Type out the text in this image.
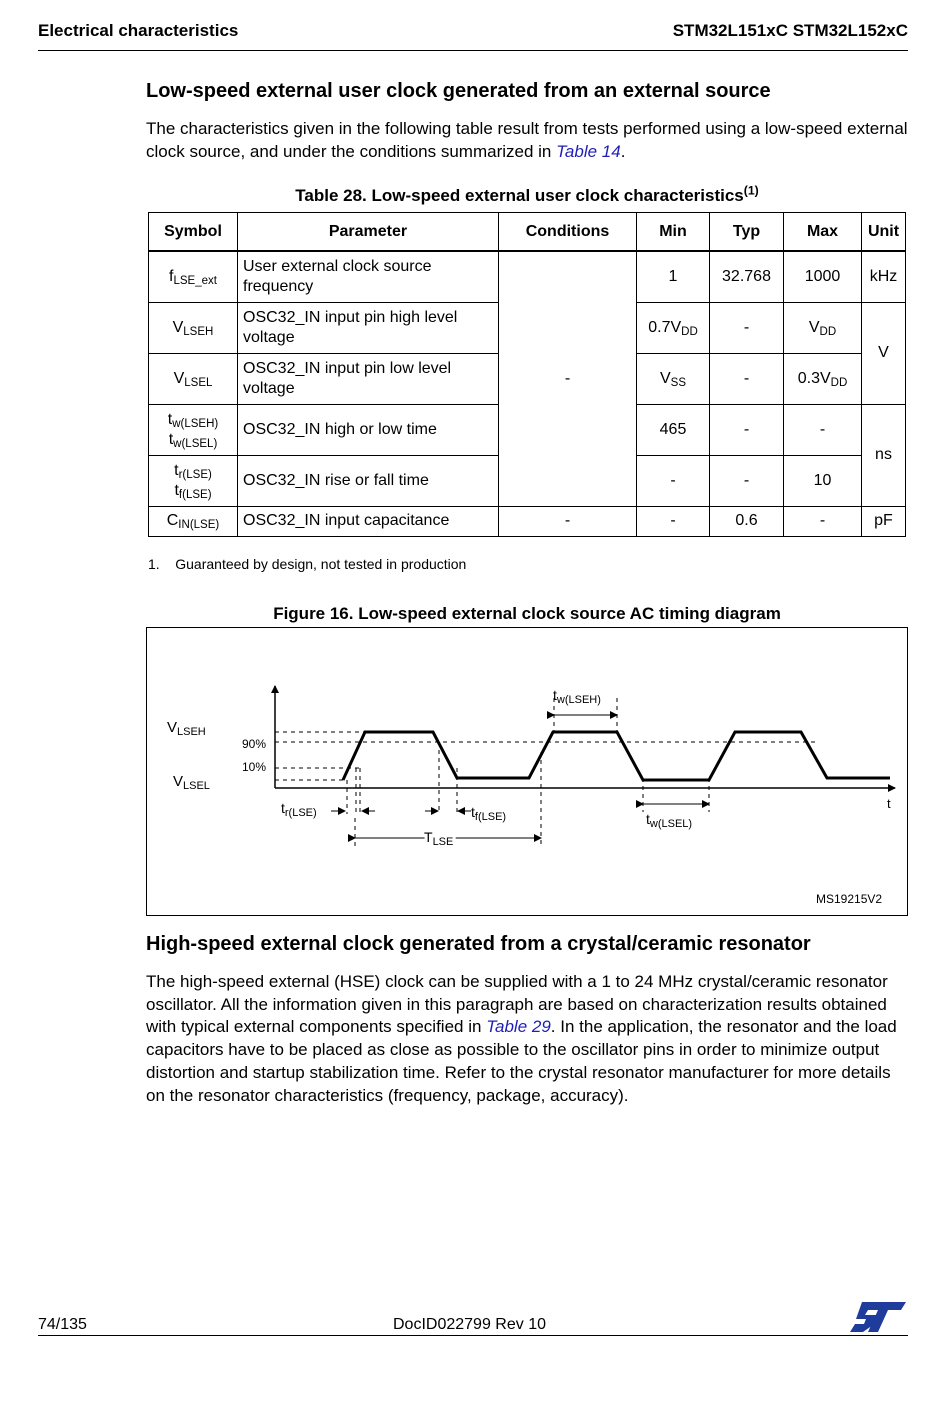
Electrical characteristics	STM32L151xC STM32L152xC
Low-speed external user clock generated from an external source
The characteristics given in the following table result from tests performed using a low-speed external clock source, and under the conditions summarized in Table 14.
Table 28. Low-speed external user clock characteristics$^{(1)}$
Symbol	Parameter	Conditions	Min	Typ	Max	Unit
$f_{LSE\_ext}$	User external clock source frequency	-	1	32.768	1000	kHz
$V_{LSEH}$	OSC32_IN input pin high level voltage		$0.7V_{DD}$	-	$V_{DD}$	V
$V_{LSEL}$	OSC32_IN input pin low level voltage		$V_{SS}$	-	$0.3V_{DD}$
$t_{w(LSEH)}$
$t_{w(LSEL)}$	OSC32_IN high or low time		465	-	-	ns
$t_{r(LSE)}$
$t_{f(LSE)}$	OSC32_IN rise or fall time		-	-	10	
$C_{IN(LSE)}$	OSC32_IN input capacitance	-	-	0.6	-	pF
1. Guaranteed by design, not tested in production
Figure 16. Low-speed external clock source AC timing diagram
$V_{LSEH}$
$V_{LSEL}$
90%
10%
$t_{w(LSEH)}$
$t_{w(LSEL)}$
$t_{r(LSE)}$	$t_{f(LSE)}$
$T_{LSE}$
t
MS19215V2
High-speed external clock generated from a crystal/ceramic resonator
The high-speed external (HSE) clock can be supplied with a 1 to 24 MHz crystal/ceramic resonator oscillator. All the information given in this paragraph are based on characterization results obtained with typical external components specified in Table 29. In the application, the resonator and the load capacitors have to be placed as close as possible to the oscillator pins in order to minimize output distortion and startup stabilization time. Refer to the crystal resonator manufacturer for more details on the resonator characteristics (frequency, package, accuracy).
74/135	DocID022799 Rev 10
